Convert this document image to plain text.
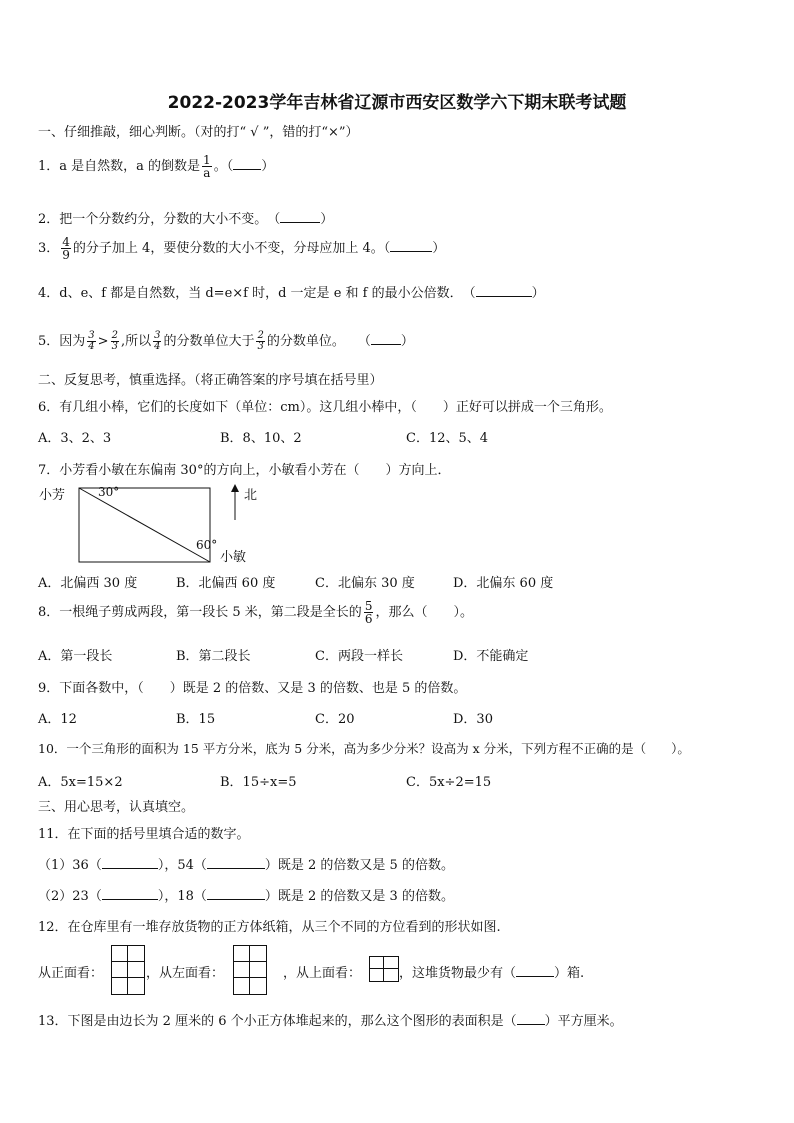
2022-2023学年吉林省辽源市西安区数学六下期末联考试题
一、仔细推敲，细心判断。（对的打“ √ ”，错的打“×”）
1．a 是自然数，a 的倒数是 $\frac{1}{a}$ 。（ ）
2．把一个分数约分，分数的大小不变。　（	）
3． $\frac{4}{9}$ 的分子加上 4，要使分数的大小不变，分母应加上 4。（	）
4．d、e、f 都是自然数，当 d=e×f 时，d 一定是 e 和 f 的最小公倍数．　（	）
5．因为 $\frac{3}{4} > \frac{2}{3}$ ,所以 $\frac{3}{4}$ 的分数单位大于 $\frac{2}{3}$ 的分数单位。　　（ ）
二、反复思考，慎重选择。（将正确答案的序号填在括号里）
6．有几组小棒，它们的长度如下（单位：cm）。这几组小棒中，（　　）正好可以拼成一个三角形。
A．3、2、3	B．8、10、2	C．12、5、4
7．小芳看小敏在东偏南 30°的方向上，小敏看小芳在（　　）方向上．
小芳	30°
60°
小敏
北
A．北偏西 30 度	B．北偏西 60 度	C．北偏东 30 度	D．北偏东 60 度
8．一根绳子剪成两段，第一段长 5 米，第二段是全长的 $\frac{5}{6}$ ，那么（　　）。
A．第一段长	B．第二段长	C．两段一样长	D．不能确定
9．下面各数中，（　　）既是 2 的倍数、又是 3 的倍数、也是 5 的倍数。
A．12	B．15	C．20	D．30
10．一个三角形的面积为 15 平方分米，底为 5 分米，高为多少分米？设高为 x 分米，下列方程不正确的是（　　）。
A．5x=15×2	B．15÷x=5	C．5x÷2=15
三、用心思考，认真填空。
11．在下面的括号里填合适的数字。
（1）36（	），54（	）既是 2 的倍数又是 5 的倍数。
（2）23（	），18（	）既是 2 的倍数又是 3 的倍数。
12．在仓库里有一堆存放货物的正方体纸箱，从三个不同的方位看到的形状如图.
从正面看：	，从左面看：	，从上面看：	，这堆货物最少有（	）箱.
13．下图是由边长为 2 厘米的 6 个小正方体堆起来的，那么这个图形的表面积是（ ）平方厘米。
